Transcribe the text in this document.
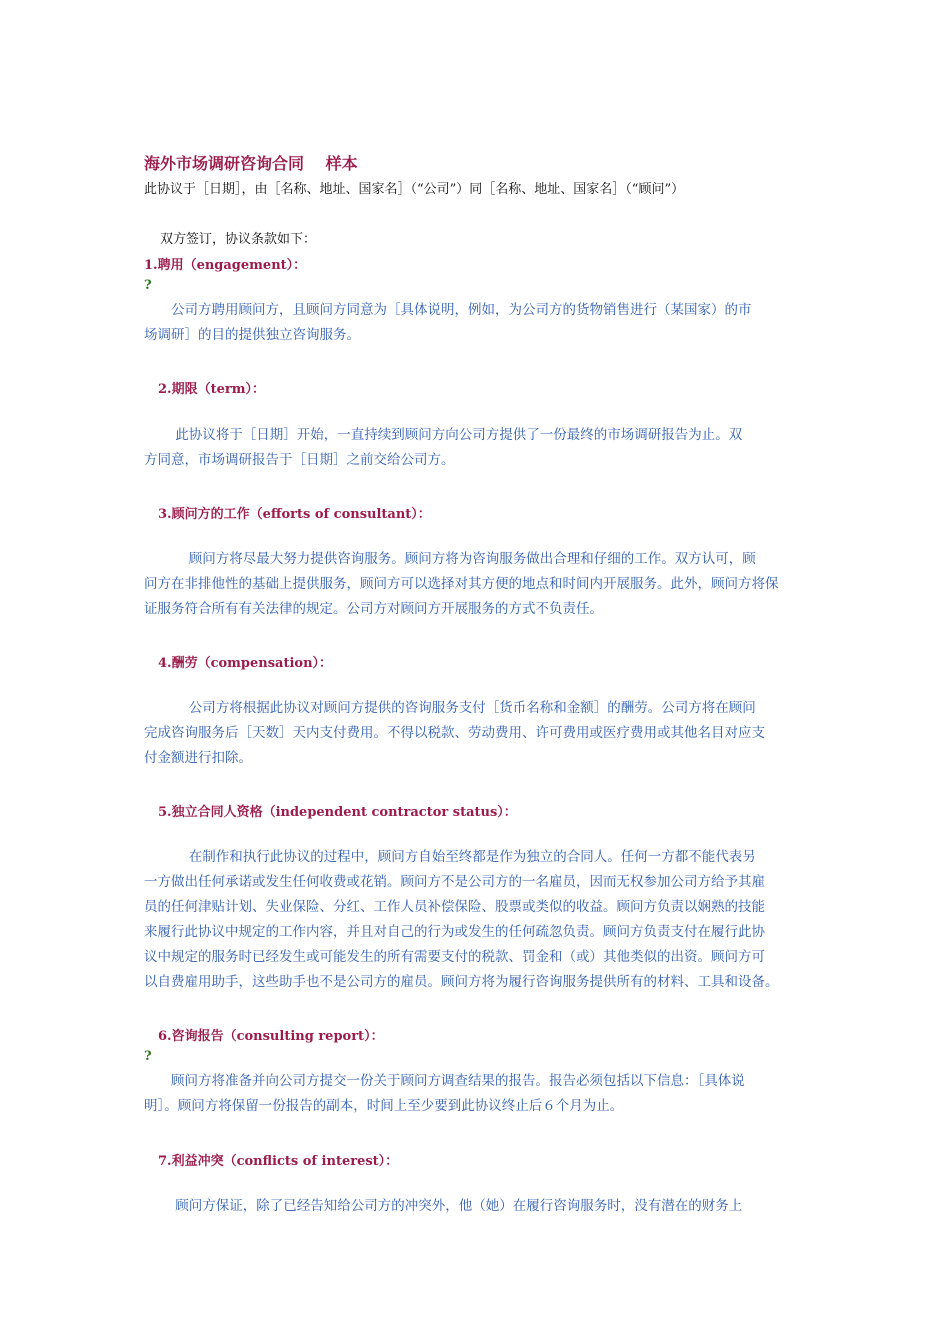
海外市场调研咨询合同　 样本
此协议于［日期］，由［名称、地址、国家名］（“公司”）同［名称、地址、国家名］（“顾问”）
双方签订，协议条款如下：
1.聘用（engagement）：
?
　　公司方聘用顾问方，且顾问方同意为［具体说明，例如，为公司方的货物销售进行（某国家）的市
场调研］的目的提供独立咨询服务。
2.期限（term）：
　　 此协议将于［日期］开始，一直持续到顾问方向公司方提供了一份最终的市场调研报告为止。双
方同意，市场调研报告于［日期］之前交给公司方。
3.顾问方的工作（efforts of consultant）：
　　　 顾问方将尽最大努力提供咨询服务。顾问方将为咨询服务做出合理和仔细的工作。双方认可，顾
问方在非排他性的基础上提供服务，顾问方可以选择对其方便的地点和时间内开展服务。此外，顾问方将保
证服务符合所有有关法律的规定。公司方对顾问方开展服务的方式不负责任。
4.酬劳（compensation）：
　　　 公司方将根据此协议对顾问方提供的咨询服务支付［货币名称和金额］的酬劳。公司方将在顾问
完成咨询服务后［天数］天内支付费用。不得以税款、劳动费用、许可费用或医疗费用或其他名目对应支
付金额进行扣除。
5.独立合同人资格（independent contractor status）：
　　　 在制作和执行此协议的过程中，顾问方自始至终都是作为独立的合同人。任何一方都不能代表另
一方做出任何承诺或发生任何收费或花销。顾问方不是公司方的一名雇员，因而无权参加公司方给予其雇
员的任何津贴计划、失业保险、分红、工作人员补偿保险、股票或类似的收益。顾问方负责以娴熟的技能
来履行此协议中规定的工作内容，并且对自己的行为或发生的任何疏忽负责。顾问方负责支付在履行此协
议中规定的服务时已经发生或可能发生的所有需要支付的税款、罚金和（或）其他类似的出资。顾问方可
以自费雇用助手，这些助手也不是公司方的雇员。顾问方将为履行咨询服务提供所有的材料、工具和设备。
6.咨询报告（consulting report）：
?
　　顾问方将准备并向公司方提交一份关于顾问方调查结果的报告。报告必须包括以下信息：［具体说
明］。顾问方将保留一份报告的副本，时间上至少要到此协议终止后６个月为止。
7.利益冲突（conflicts of interest）：
　　 顾问方保证，除了已经告知给公司方的冲突外，他（她）在履行咨询服务时，没有潜在的财务上
